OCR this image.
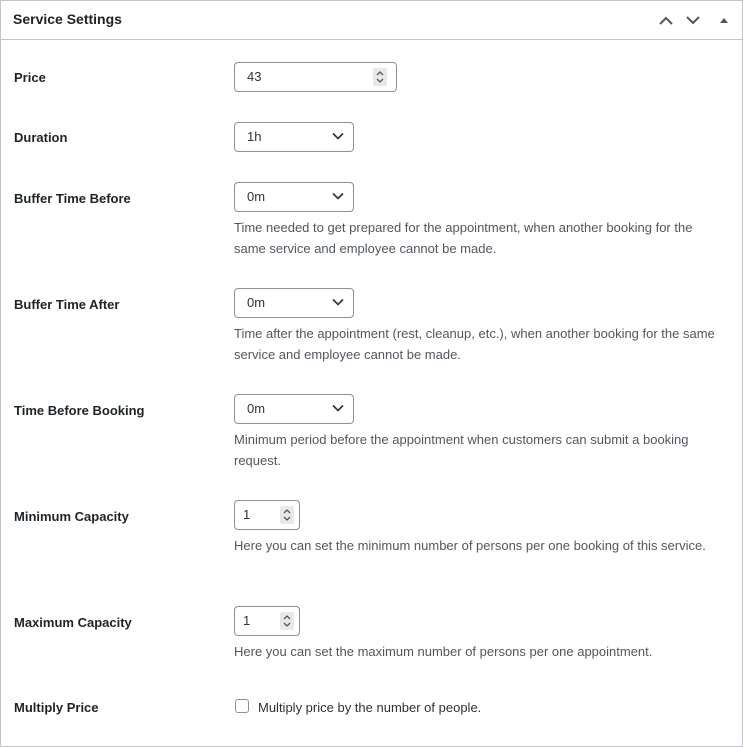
Service Settings
Price	43
Duration	1h
Buffer Time Before	0m
Time needed to get prepared for the appointment, when another booking for the same service and employee cannot be made.
Buffer Time After	0m
Time after the appointment (rest, cleanup, etc.), when another booking for the same service and employee cannot be made.
Time Before Booking	0m
Minimum period before the appointment when customers can submit a booking request.
Minimum Capacity	1
Here you can set the minimum number of persons per one booking of this service.
Maximum Capacity	1
Here you can set the maximum number of persons per one appointment.
Multiply Price	Multiply price by the number of people.
